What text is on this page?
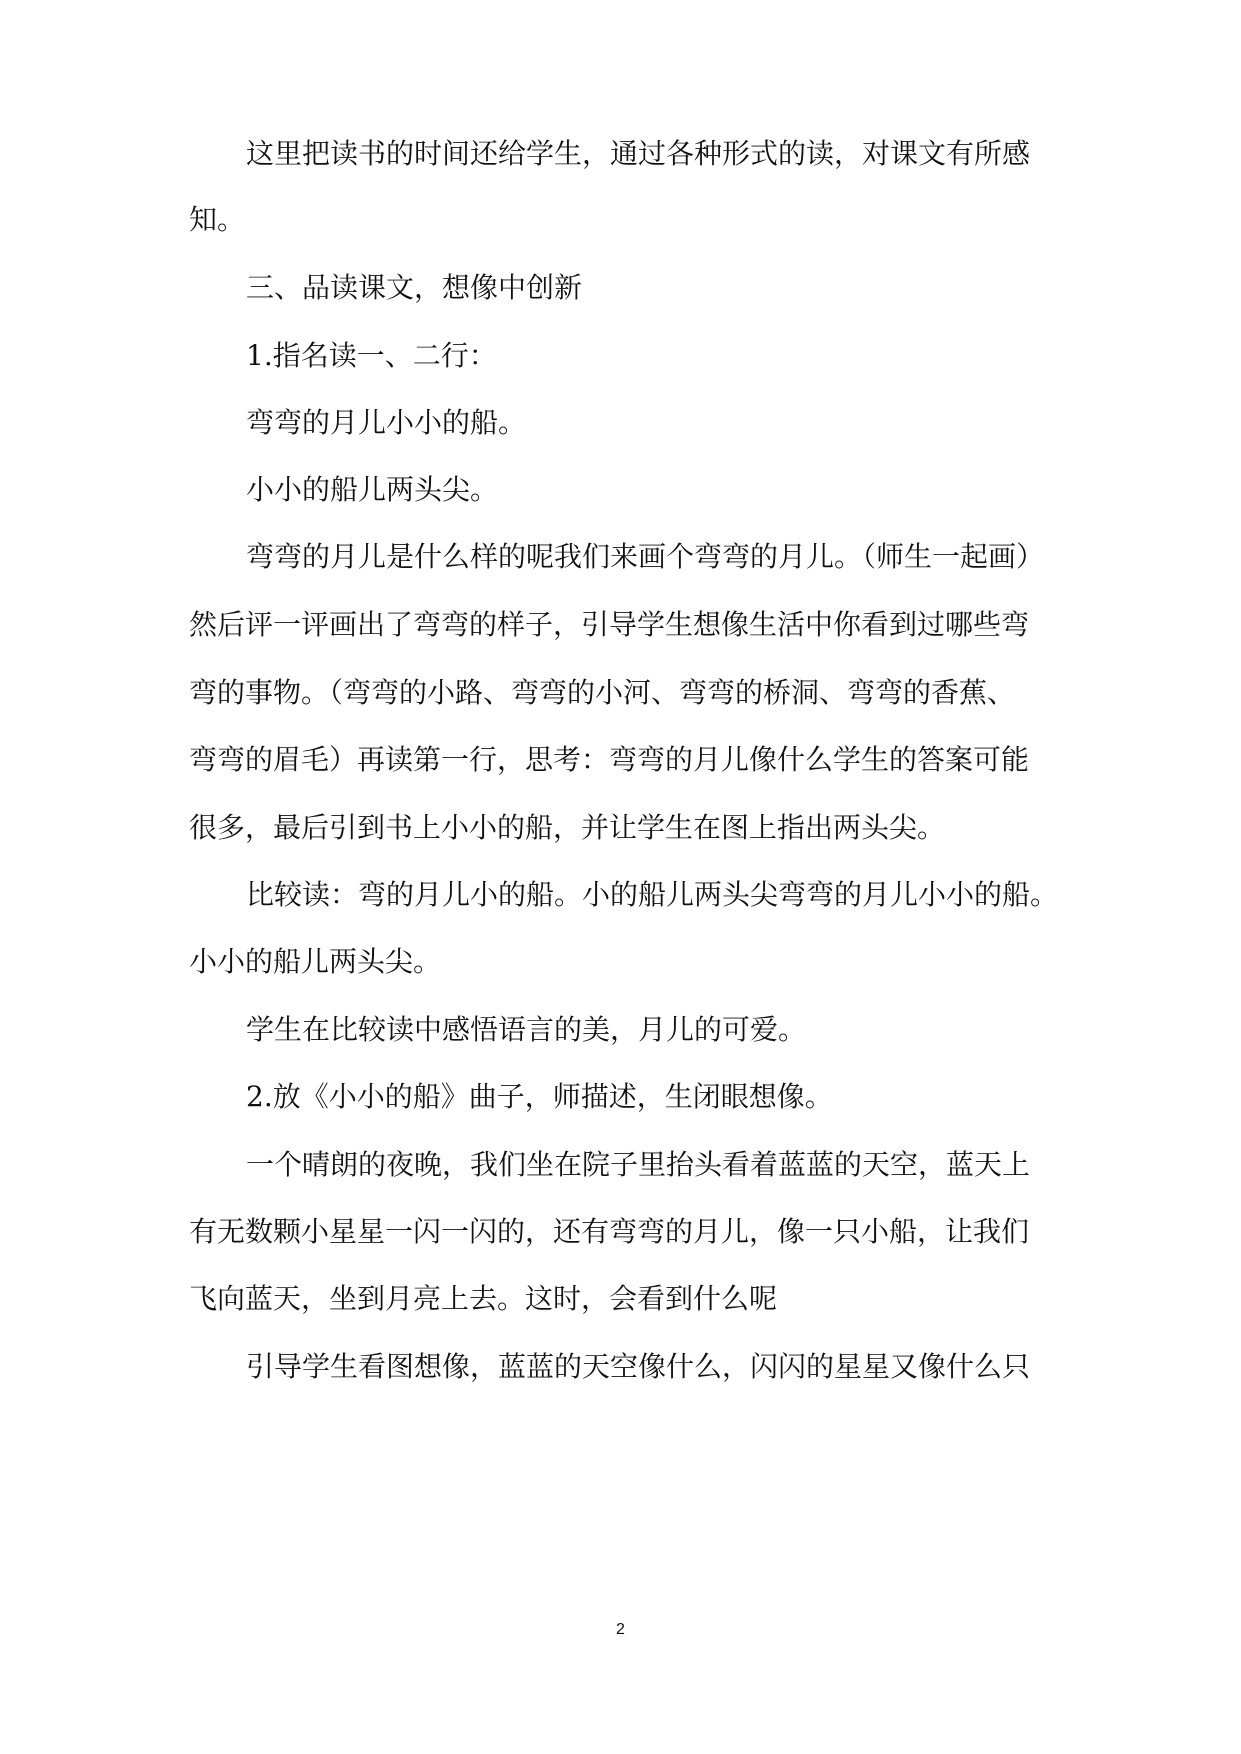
这里把读书的时间还给学生，通过各种形式的读，对课文有所感
知。
三、品读课文，想像中创新
1.指名读一、二行：
弯弯的月儿小小的船。
小小的船儿两头尖。
弯弯的月儿是什么样的呢我们来画个弯弯的月儿。（师生一起画）
然后评一评画出了弯弯的样子，引导学生想像生活中你看到过哪些弯
弯的事物。（弯弯的小路、弯弯的小河、弯弯的桥洞、弯弯的香蕉、
弯弯的眉毛）再读第一行，思考：弯弯的月儿像什么学生的答案可能
很多，最后引到书上小小的船，并让学生在图上指出两头尖。
比较读：弯的月儿小的船。小的船儿两头尖弯弯的月儿小小的船。
小小的船儿两头尖。
学生在比较读中感悟语言的美，月儿的可爱。
2.放《小小的船》曲子，师描述，生闭眼想像。
一个晴朗的夜晚，我们坐在院子里抬头看着蓝蓝的天空，蓝天上
有无数颗小星星一闪一闪的，还有弯弯的月儿，像一只小船，让我们
飞向蓝天，坐到月亮上去。这时，会看到什么呢
引导学生看图想像，蓝蓝的天空像什么，闪闪的星星又像什么只
2
